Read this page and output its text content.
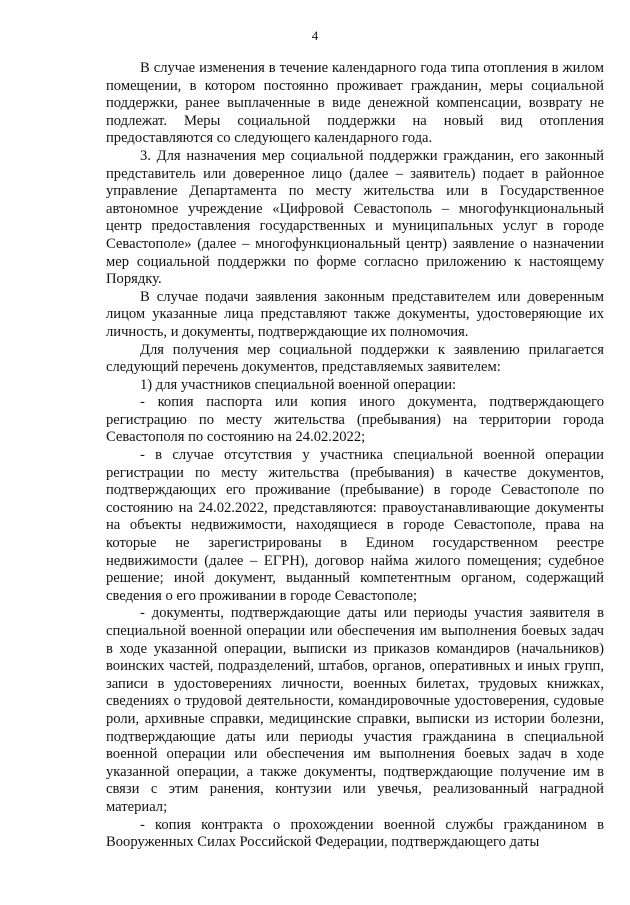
4

В случае изменения в течение календарного года типа отопления в жилом помещении, в котором постоянно проживает гражданин, меры социальной поддержки, ранее выплаченные в виде денежной компенсации, возврату не подлежат. Меры социальной поддержки на новый вид отопления предоставляются со следующего календарного года.

3. Для назначения мер социальной поддержки гражданин, его законный представитель или доверенное лицо (далее – заявитель) подает в районное управление Департамента по месту жительства или в Государственное автономное учреждение «Цифровой Севастополь – многофункциональный центр предоставления государственных и муниципальных услуг в городе Севастополе» (далее – многофункциональный центр) заявление о назначении мер социальной поддержки по форме согласно приложению к настоящему Порядку.

В случае подачи заявления законным представителем или доверенным лицом указанные лица представляют также документы, удостоверяющие их личность, и документы, подтверждающие их полномочия.

Для получения мер социальной поддержки к заявлению прилагается следующий перечень документов, представляемых заявителем:

1) для участников специальной военной операции:

- копия паспорта или копия иного документа, подтверждающего регистрацию по месту жительства (пребывания) на территории города Севастополя по состоянию на 24.02.2022;

- в случае отсутствия у участника специальной военной операции регистрации по месту жительства (пребывания) в качестве документов, подтверждающих его проживание (пребывание) в городе Севастополе по состоянию на 24.02.2022, представляются: правоустанавливающие документы на объекты недвижимости, находящиеся в городе Севастополе, права на которые не зарегистрированы в Едином государственном реестре недвижимости (далее – ЕГРН), договор найма жилого помещения; судебное решение; иной документ, выданный компетентным органом, содержащий сведения о его проживании в городе Севастополе;

- документы, подтверждающие даты или периоды участия заявителя в специальной военной операции или обеспечения им выполнения боевых задач в ходе указанной операции, выписки из приказов командиров (начальников) воинских частей, подразделений, штабов, органов, оперативных и иных групп, записи в удостоверениях личности, военных билетах, трудовых книжках, сведениях о трудовой деятельности, командировочные удостоверения, судовые роли, архивные справки, медицинские справки, выписки из истории болезни, подтверждающие даты или периоды участия гражданина в специальной военной операции или обеспечения им выполнения боевых задач в ходе указанной операции, а также документы, подтверждающие получение им в связи с этим ранения, контузии или увечья, реализованный наградной материал;

- копия контракта о прохождении военной службы гражданином в Вооруженных Силах Российской Федерации, подтверждающего даты
